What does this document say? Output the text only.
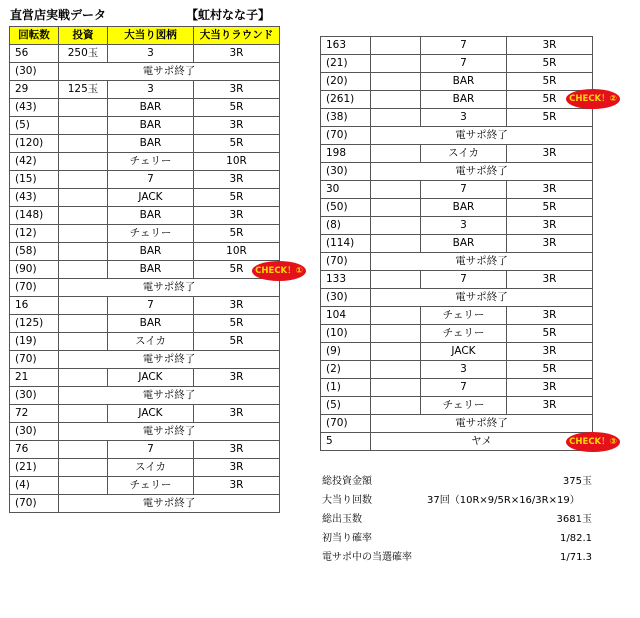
直営店実戦データ	【虹村なな子】
回転数	投資	大当り図柄	大当りラウンド
56	250玉	3	3R
(30)	電サポ終了		
29	125玉	3	3R
(43)		BAR	5R
(5)		BAR	3R
(120)		BAR	5R
(42)		チェリー	10R
(15)		7	3R
(43)		JACK	5R
(148)		BAR	3R
(12)		チェリー	5R
(58)		BAR	10R
(90)		BAR	5R
(70)	電サポ終了		
16		7	3R
(125)		BAR	5R
(19)		スイカ	5R
(70)	電サポ終了		
21		JACK	3R
(30)	電サポ終了		
72		JACK	3R
(30)	電サポ終了		
76		7	3R
(21)		スイカ	3R
(4)		チェリー	3R
(70)	電サポ終了		
163		7	3R
(21)		7	5R
(20)		BAR	5R
(261)		BAR	5R
(38)		3	5R
(70)	電サポ終了		
198		スイカ	3R
(30)	電サポ終了		
30		7	3R
(50)		BAR	5R
(8)		3	3R
(114)		BAR	3R
(70)	電サポ終了		
133		7	3R
(30)	電サポ終了		
104		チェリー	3R
(10)		チェリー	5R
(9)		JACK	3R
(2)		3	5R
(1)		7	3R
(5)		チェリー	3R
(70)	電サポ終了		
5	ヤメ		
CHECK！①
CHECK！②
CHECK！③
総投資金額	375玉
大当り回数	37回（10R×9/5R×16/3R×19）
総出玉数	3681玉
初当り確率	1/82.1
電サポ中の当選確率	1/71.3
